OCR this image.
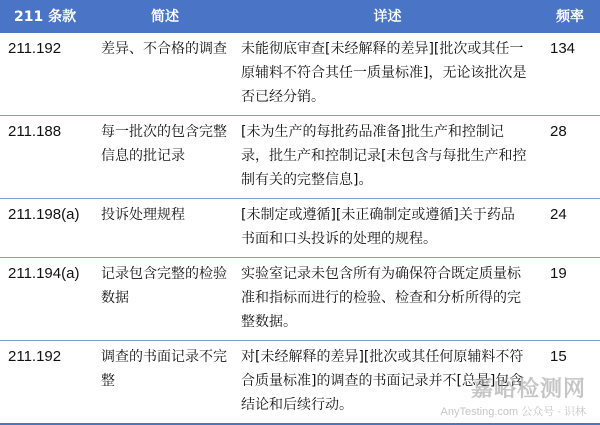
211 条款	简述	详述	频率
211.192	差异、不合格的调查	未能彻底审查[未经解释的差异][批次或其任一原辅料不符合其任一质量标准]，无论该批次是否已经分销。	134
211.188	每一批次的包含完整信息的批记录	[未为生产的每批药品准备]批生产和控制记录，批生产和控制记录[未包含与每批生产和控制有关的完整信息]。	28
211.198(a)	投诉处理规程	[未制定或遵循][未正确制定或遵循]关于药品书面和口头投诉的处理的规程。	24
211.194(a)	记录包含完整的检验数据	实验室记录未包含所有为确保符合既定质量标准和指标而进行的检验、检查和分析所得的完整数据。	19
211.192	调查的书面记录不完整	对[未经解释的差异][批次或其任何原辅料不符合质量标准]的调查的书面记录并不[总是]包含结论和后续行动。	15
嘉峪检测网
AnyTesting.com 公众号 · 识林
